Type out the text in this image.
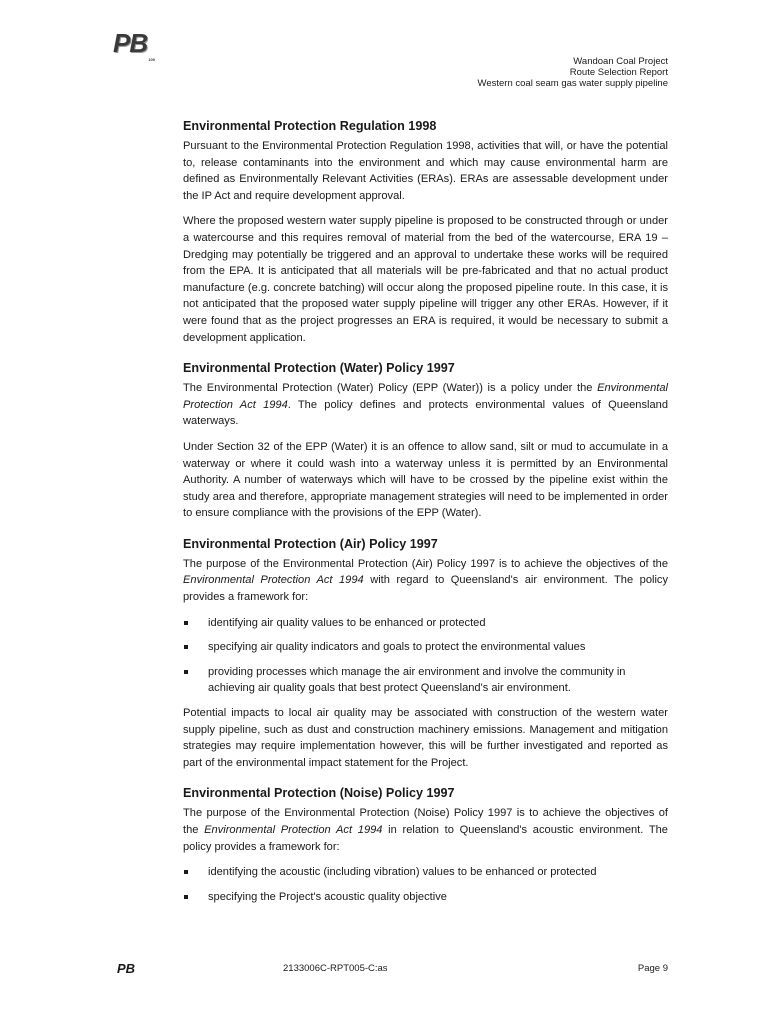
PB
100	Wandoan Coal Project
Route Selection Report
Western coal seam gas water supply pipeline
Environmental Protection Regulation 1998

Pursuant to the Environmental Protection Regulation 1998, activities that will, or have the potential to, release contaminants into the environment and which may cause environmental harm are defined as Environmentally Relevant Activities (ERAs). ERAs are assessable development under the IP Act and require development approval.

Where the proposed western water supply pipeline is proposed to be constructed through or under a watercourse and this requires removal of material from the bed of the watercourse, ERA 19 – Dredging may potentially be triggered and an approval to undertake these works will be required from the EPA. It is anticipated that all materials will be pre-fabricated and that no actual product manufacture (e.g. concrete batching) will occur along the proposed pipeline route. In this case, it is not anticipated that the proposed water supply pipeline will trigger any other ERAs. However, if it were found that as the project progresses an ERA is required, it would be necessary to submit a development application.

Environmental Protection (Water) Policy 1997

The Environmental Protection (Water) Policy (EPP (Water)) is a policy under the Environmental Protection Act 1994. The policy defines and protects environmental values of Queensland waterways.

Under Section 32 of the EPP (Water) it is an offence to allow sand, silt or mud to accumulate in a waterway or where it could wash into a waterway unless it is permitted by an Environmental Authority. A number of waterways which will have to be crossed by the pipeline exist within the study area and therefore, appropriate management strategies will need to be implemented in order to ensure compliance with the provisions of the EPP (Water).

Environmental Protection (Air) Policy 1997

The purpose of the Environmental Protection (Air) Policy 1997 is to achieve the objectives of the Environmental Protection Act 1994 with regard to Queensland's air environment. The policy provides a framework for:

identifying air quality values to be enhanced or protected
specifying air quality indicators and goals to protect the environmental values
providing processes which manage the air environment and involve the community in achieving air quality goals that best protect Queensland's air environment.

Potential impacts to local air quality may be associated with construction of the western water supply pipeline, such as dust and construction machinery emissions. Management and mitigation strategies may require implementation however, this will be further investigated and reported as part of the environmental impact statement for the Project.

Environmental Protection (Noise) Policy 1997

The purpose of the Environmental Protection (Noise) Policy 1997 is to achieve the objectives of the Environmental Protection Act 1994 in relation to Queensland's acoustic environment. The policy provides a framework for:

identifying the acoustic (including vibration) values to be enhanced or protected
specifying the Project's acoustic quality objective
PB	2133006C-RPT005-C:as	Page 9
